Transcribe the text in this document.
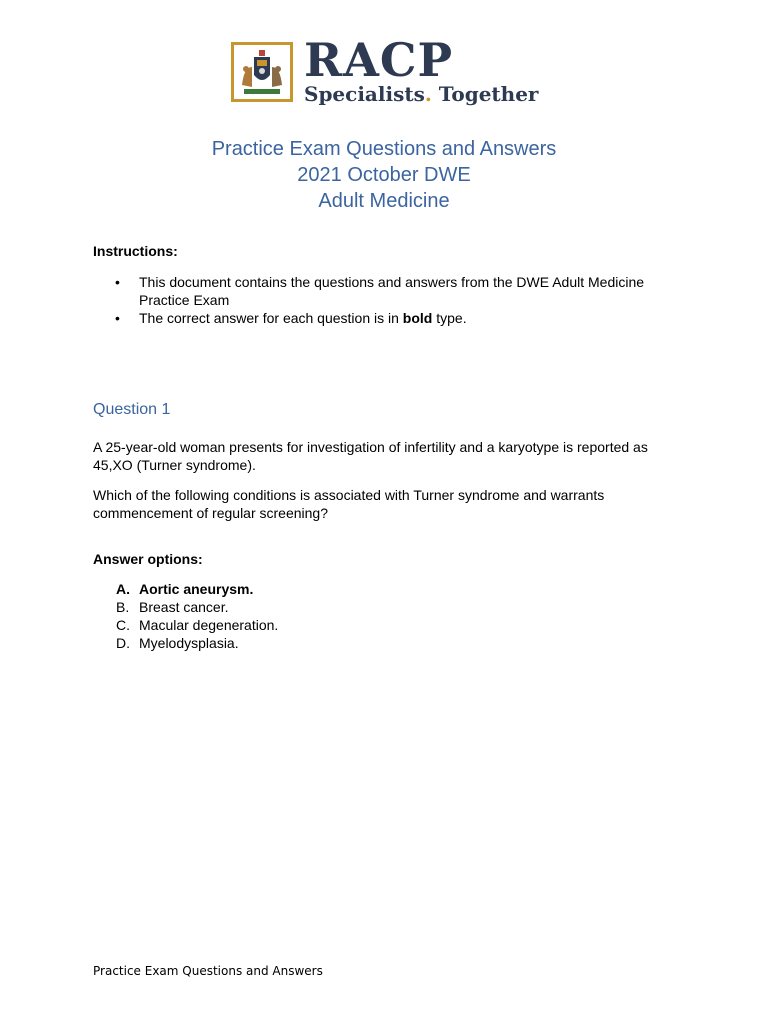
RACP
Specialists. Together
Practice Exam Questions and Answers
2021 October DWE
Adult Medicine
Instructions:
• This document contains the questions and answers from the DWE Adult Medicine Practice Exam
• The correct answer for each question is in bold type.
Question 1

A 25-year-old woman presents for investigation of infertility and a karyotype is reported as 45,XO (Turner syndrome).

Which of the following conditions is associated with Turner syndrome and warrants commencement of regular screening?

Answer options:
A. Aortic aneurysm.
B. Breast cancer.
C. Macular degeneration.
D. Myelodysplasia.
Practice Exam Questions and Answers
